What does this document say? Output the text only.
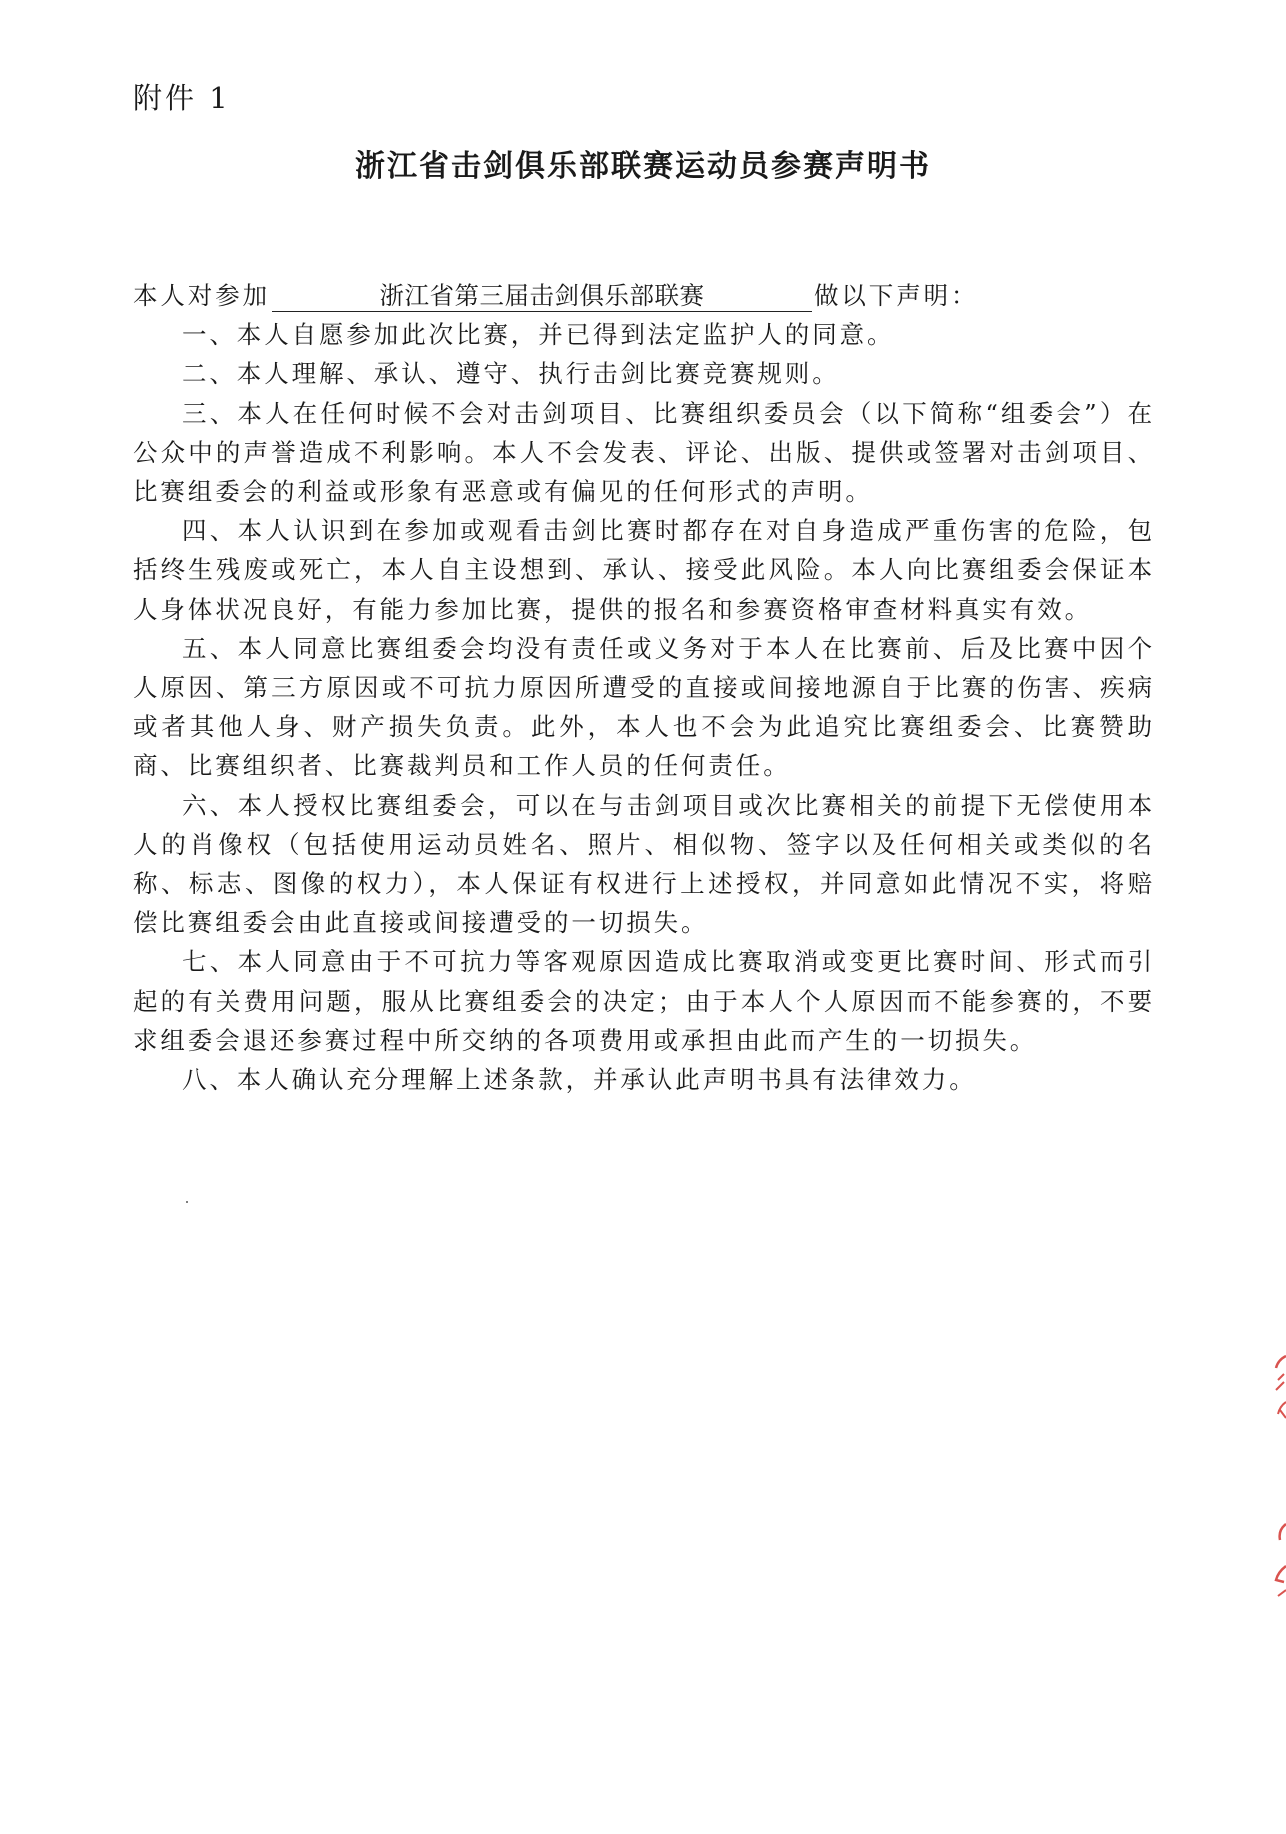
附件 1
浙江省击剑俱乐部联赛运动员参赛声明书
本人对参加	浙江省第三届击剑俱乐部联赛	做以下声明：

一、本人自愿参加此次比赛，并已得到法定监护人的同意。

二、本人理解、承认、遵守、执行击剑比赛竞赛规则。

三、本人在任何时候不会对击剑项目、比赛组织委员会（以下简称“组委会”）在公众中的声誉造成不利影响。本人不会发表、评论、出版、提供或签署对击剑项目、比赛组委会的利益或形象有恶意或有偏见的任何形式的声明。

四、本人认识到在参加或观看击剑比赛时都存在对自身造成严重伤害的危险，包括终生残废或死亡，本人自主设想到、承认、接受此风险。本人向比赛组委会保证本人身体状况良好，有能力参加比赛，提供的报名和参赛资格审查材料真实有效。

五、本人同意比赛组委会均没有责任或义务对于本人在比赛前、后及比赛中因个人原因、第三方原因或不可抗力原因所遭受的直接或间接地源自于比赛的伤害、疾病或者其他人身、财产损失负责。此外，本人也不会为此追究比赛组委会、比赛赞助商、比赛组织者、比赛裁判员和工作人员的任何责任。

六、本人授权比赛组委会，可以在与击剑项目或次比赛相关的前提下无偿使用本人的肖像权（包括使用运动员姓名、照片、相似物、签字以及任何相关或类似的名称、标志、图像的权力），本人保证有权进行上述授权，并同意如此情况不实，将赔偿比赛组委会由此直接或间接遭受的一切损失。

七、本人同意由于不可抗力等客观原因造成比赛取消或变更比赛时间、形式而引起的有关费用问题，服从比赛组委会的决定；由于本人个人原因而不能参赛的，不要求组委会退还参赛过程中所交纳的各项费用或承担由此而产生的一切损失。

八、本人确认充分理解上述条款，并承认此声明书具有法律效力。
